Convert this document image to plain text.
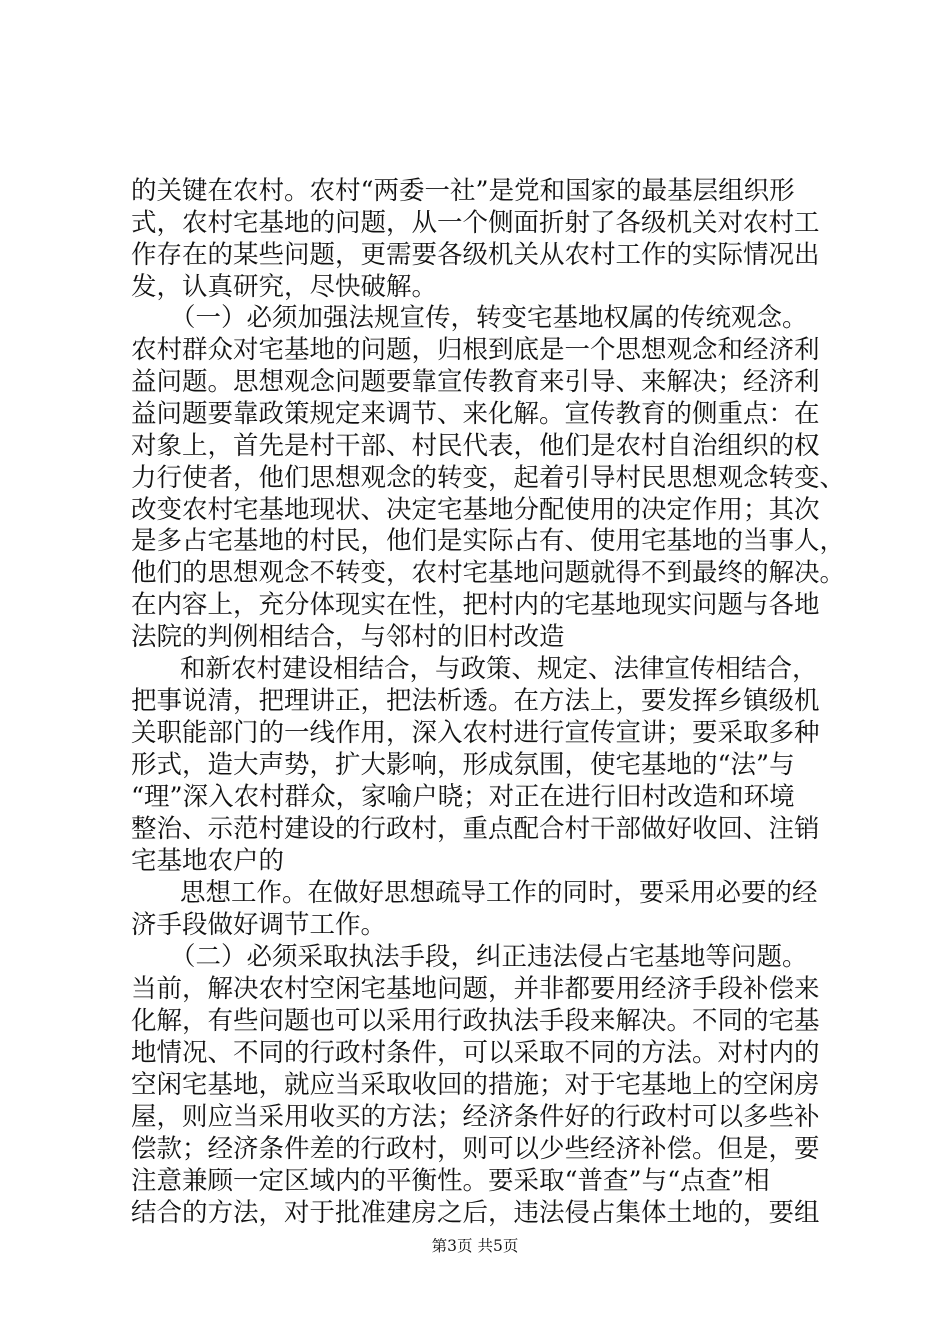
的关键在农村。农村“两委一社”是党和国家的最基层组织形
式，农村宅基地的问题，从一个侧面折射了各级机关对农村工
作存在的某些问题，更需要各级机关从农村工作的实际情况出
发，认真研究，尽快破解。
（一）必须加强法规宣传，转变宅基地权属的传统观念。
农村群众对宅基地的问题，归根到底是一个思想观念和经济利
益问题。思想观念问题要靠宣传教育来引导、来解决；经济利
益问题要靠政策规定来调节、来化解。宣传教育的侧重点：在
对象上，首先是村干部、村民代表，他们是农村自治组织的权
力行使者，他们思想观念的转变，起着引导村民思想观念转变、
改变农村宅基地现状、决定宅基地分配使用的决定作用；其次
是多占宅基地的村民，他们是实际占有、使用宅基地的当事人，
他们的思想观念不转变，农村宅基地问题就得不到最终的解决。
在内容上，充分体现实在性，把村内的宅基地现实问题与各地
法院的判例相结合，与邻村的旧村改造
和新农村建设相结合，与政策、规定、法律宣传相结合，
把事说清，把理讲正，把法析透。在方法上，要发挥乡镇级机
关职能部门的一线作用，深入农村进行宣传宣讲；要采取多种
形式，造大声势，扩大影响，形成氛围，使宅基地的“法”与
“理”深入农村群众，家喻户晓；对正在进行旧村改造和环境
整治、示范村建设的行政村，重点配合村干部做好收回、注销
宅基地农户的
思想工作。在做好思想疏导工作的同时，要采用必要的经
济手段做好调节工作。
（二）必须采取执法手段，纠正违法侵占宅基地等问题。
当前，解决农村空闲宅基地问题，并非都要用经济手段补偿来
化解，有些问题也可以采用行政执法手段来解决。不同的宅基
地情况、不同的行政村条件，可以采取不同的方法。对村内的
空闲宅基地，就应当采取收回的措施；对于宅基地上的空闲房
屋，则应当采用收买的方法；经济条件好的行政村可以多些补
偿款；经济条件差的行政村，则可以少些经济补偿。但是，要
注意兼顾一定区域内的平衡性。要采取“普查”与“点查”相
结合的方法，对于批准建房之后，违法侵占集体土地的，要组
第3页 共5页
